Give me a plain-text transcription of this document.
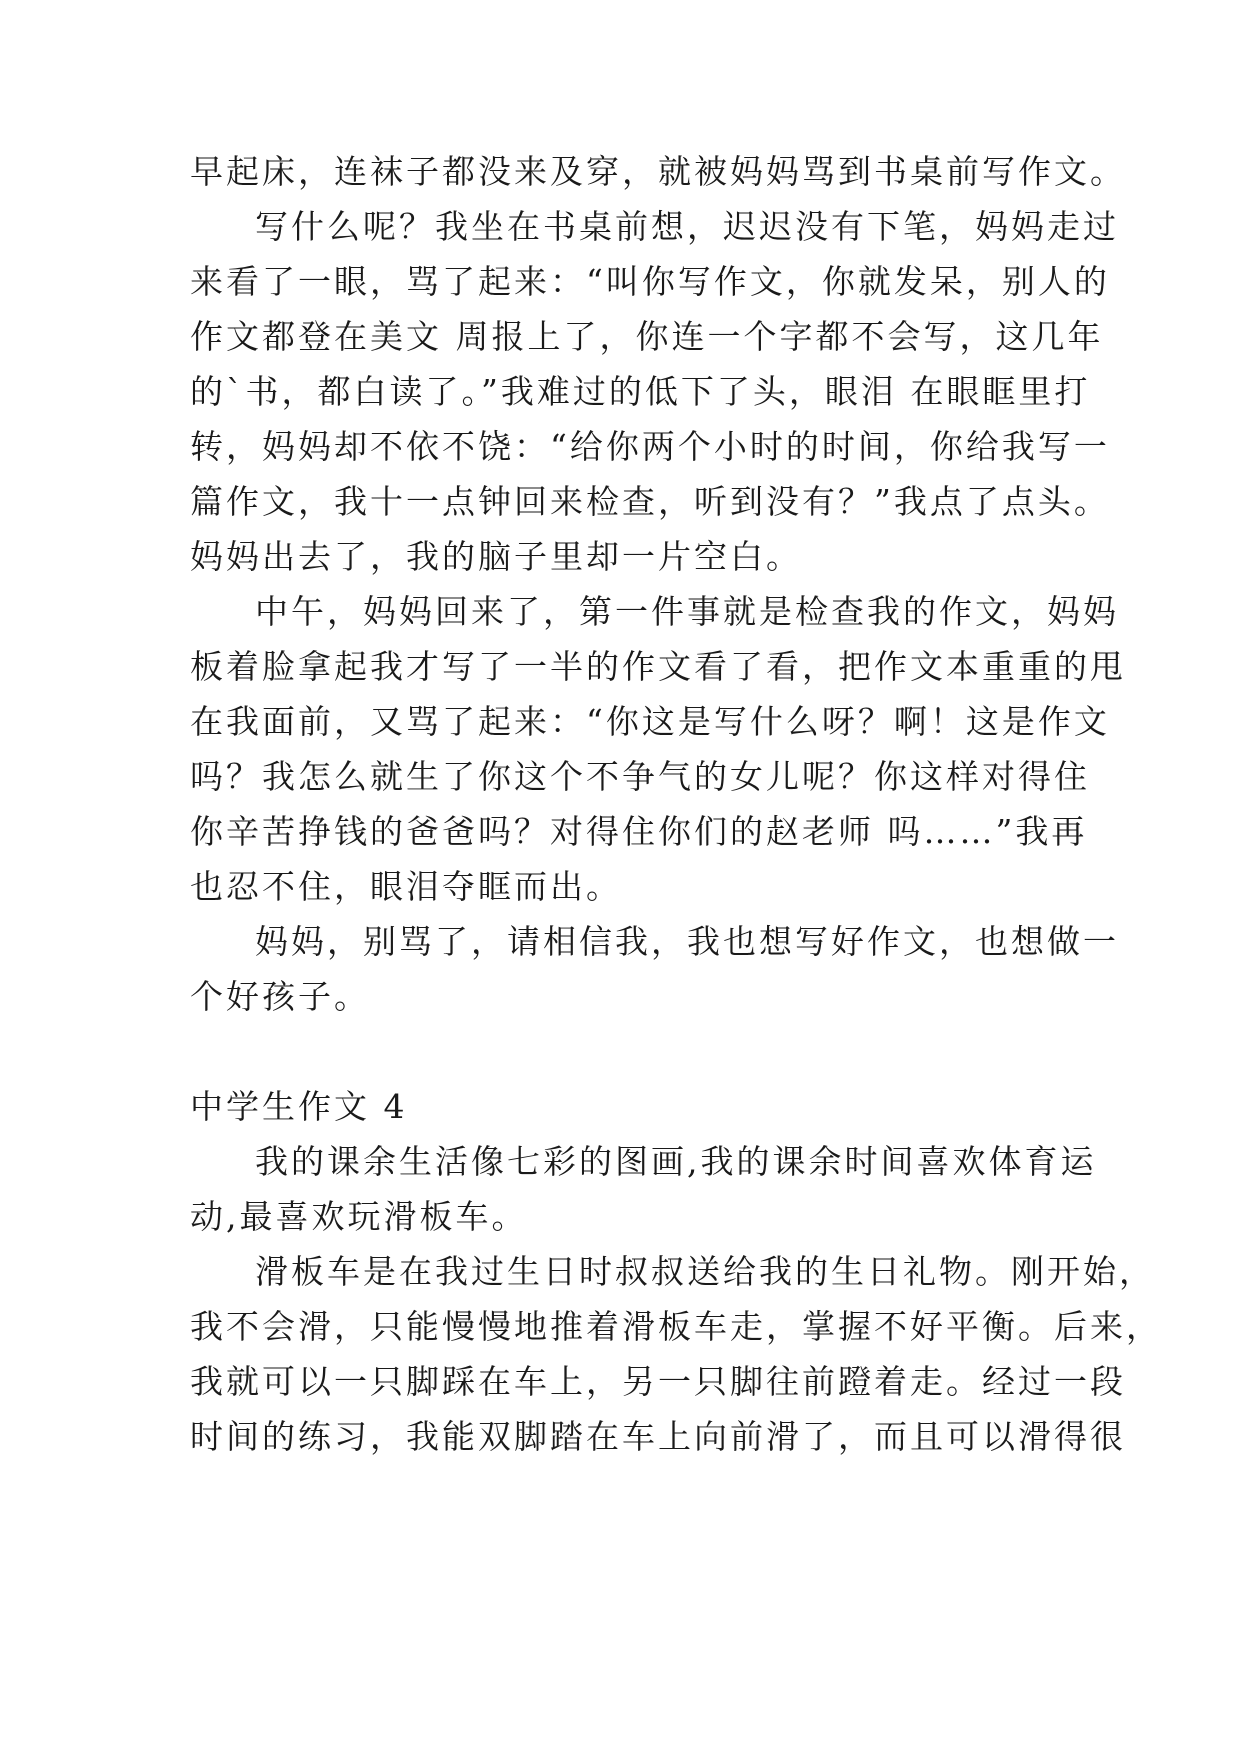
早起床，连袜子都没来及穿，就被妈妈骂到书桌前写作文。
写什么呢？我坐在书桌前想，迟迟没有下笔，妈妈走过
来看了一眼，骂了起来：“叫你写作文，你就发呆，别人的
作文都登在美文 周报上了，你连一个字都不会写，这几年
的`书，都白读了。”我难过的低下了头，眼泪 在眼眶里打
转，妈妈却不依不饶：“给你两个小时的时间，你给我写一
篇作文，我十一点钟回来检查，听到没有？”我点了点头。
妈妈出去了，我的脑子里却一片空白。
中午，妈妈回来了，第一件事就是检查我的作文，妈妈
板着脸拿起我才写了一半的作文看了看，把作文本重重的甩
在我面前，又骂了起来：“你这是写什么呀？啊！这是作文
吗？我怎么就生了你这个不争气的女儿呢？你这样对得住
你辛苦挣钱的爸爸吗？对得住你们的赵老师 吗……”我再
也忍不住，眼泪夺眶而出。
妈妈，别骂了，请相信我，我也想写好作文，也想做一
个好孩子。
中学生作文 4
我的课余生活像七彩的图画,我的课余时间喜欢体育运
动,最喜欢玩滑板车。
滑板车是在我过生日时叔叔送给我的生日礼物。刚开始，
我不会滑，只能慢慢地推着滑板车走，掌握不好平衡。后来，
我就可以一只脚踩在车上，另一只脚往前蹬着走。经过一段
时间的练习，我能双脚踏在车上向前滑了，而且可以滑得很
